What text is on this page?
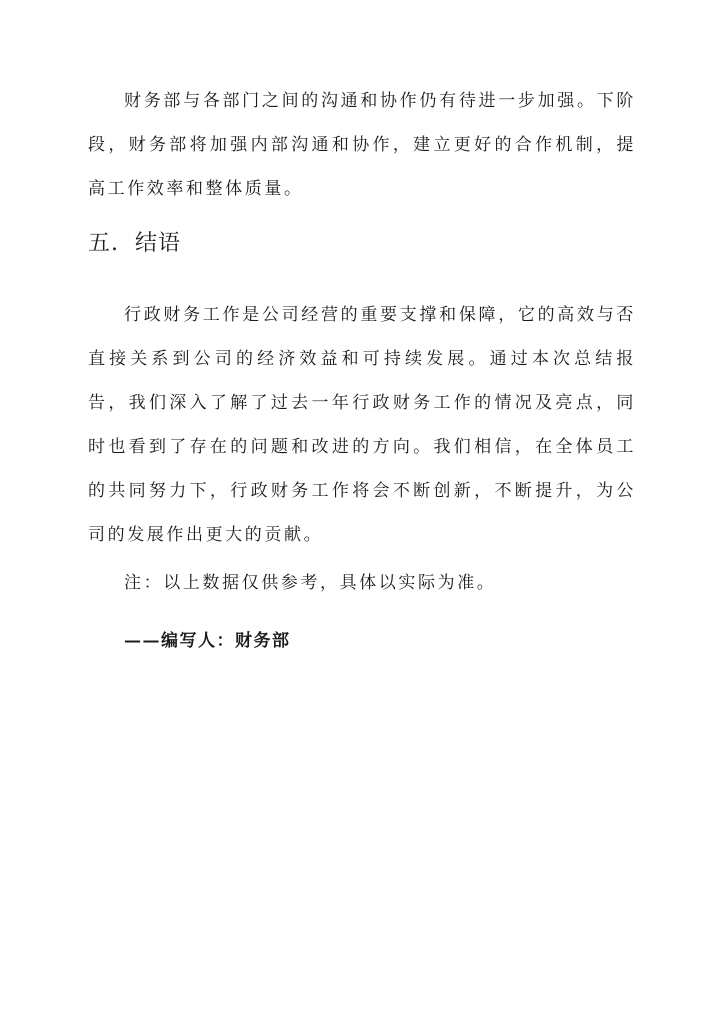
财务部与各部门之间的沟通和协作仍有待进一步加强。下阶段，财务部将加强内部沟通和协作，建立更好的合作机制，提高工作效率和整体质量。

五. 结语

行政财务工作是公司经营的重要支撑和保障，它的高效与否直接关系到公司的经济效益和可持续发展。通过本次总结报告，我们深入了解了过去一年行政财务工作的情况及亮点，同时也看到了存在的问题和改进的方向。我们相信，在全体员工的共同努力下，行政财务工作将会不断创新，不断提升，为公司的发展作出更大的贡献。

注：以上数据仅供参考，具体以实际为准。

——编写人：财务部
